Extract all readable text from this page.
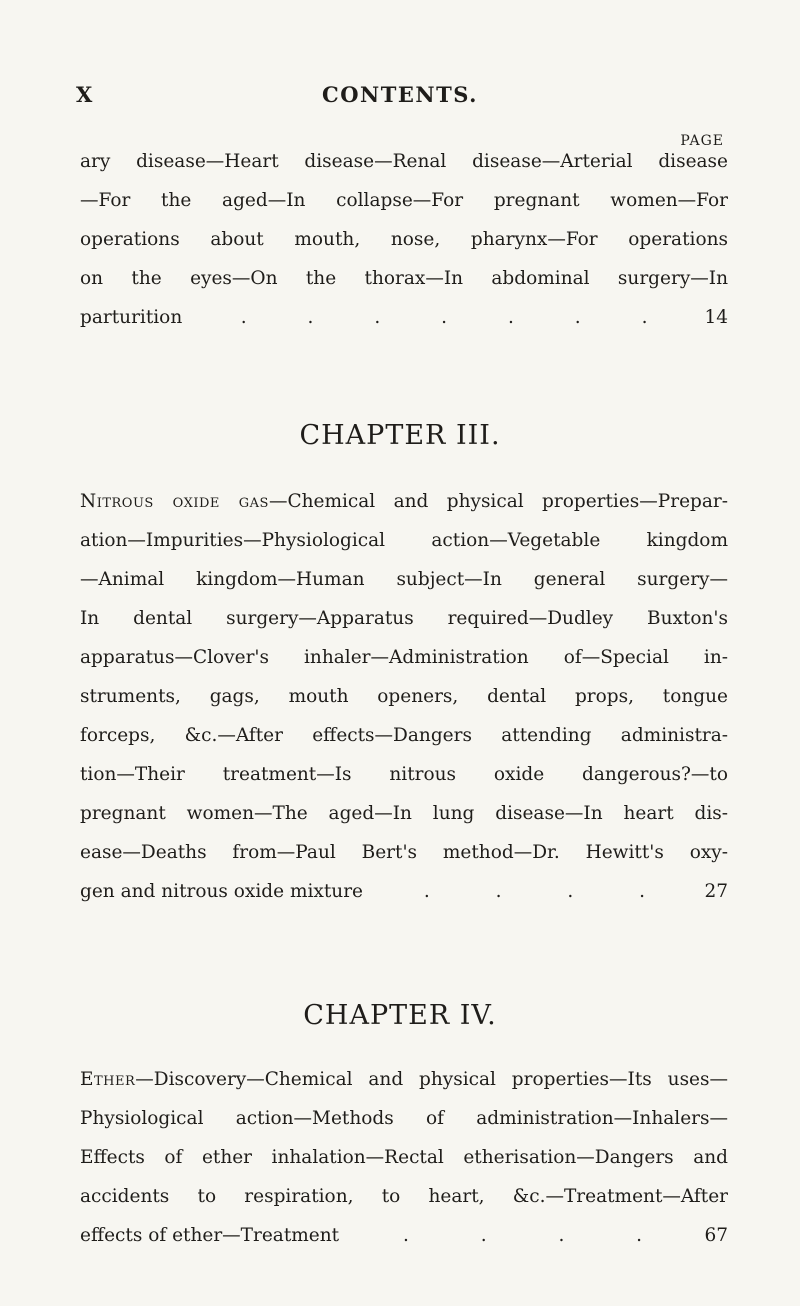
X	CONTENTS.
PAGE
ary disease—Heart disease—Renal disease—Arterial disease
—For the aged—In collapse—For pregnant women—For
operations about mouth, nose, pharynx—For operations
on the eyes—On the thorax—In abdominal surgery—In
parturition	.	.	.	.	.	.	.	14
CHAPTER III.
Nitrous oxide gas—Chemical and physical properties—Prepar-
ation—Impurities—Physiological action—Vegetable kingdom
—Animal kingdom—Human subject—In general surgery—
In dental surgery—Apparatus required—Dudley Buxton's
apparatus—Clover's inhaler—Administration of—Special in-
struments, gags, mouth openers, dental props, tongue
forceps, &c.—After effects—Dangers attending administra-
tion—Their treatment—Is nitrous oxide dangerous?—to
pregnant women—The aged—In lung disease—In heart dis-
ease—Deaths from—Paul Bert's method—Dr. Hewitt's oxy-
gen and nitrous oxide mixture	.	.	.	.	27
CHAPTER IV.
Ether—Discovery—Chemical and physical properties—Its uses—
Physiological action—Methods of administration—Inhalers—
Effects of ether inhalation—Rectal etherisation—Dangers and
accidents to respiration, to heart, &c.—Treatment—After
effects of ether—Treatment	.	.	.	.	67
